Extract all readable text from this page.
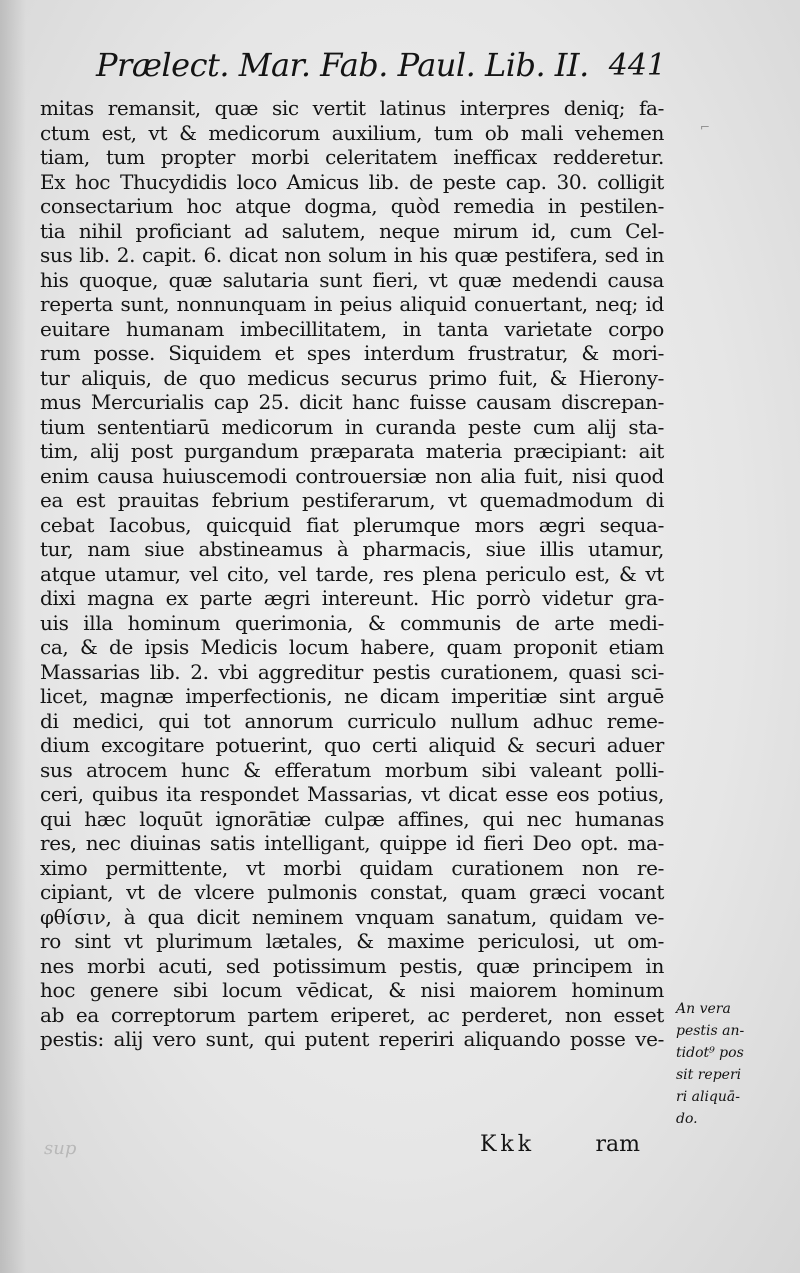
Prælect. Mar. Fab. Paul. Lib. II. 441
⌐
mitas remansit, quæ sic vertit latinus interpres deniq; fa-
ctum est, vt & medicorum auxilium, tum ob mali vehemen
tiam, tum propter morbi celeritatem inefficax redderetur.
Ex hoc Thucydidis loco Amicus lib. de peste cap. 30. colligit
consectarium hoc atque dogma, quòd remedia in pestilen-
tia nihil proficiant ad salutem, neque mirum id, cum Cel-
sus lib. 2. capit. 6. dicat non solum in his quæ pestifera, sed in
his quoque, quæ salutaria sunt fieri, vt quæ medendi causa
reperta sunt, nonnunquam in peius aliquid conuertant, neq; id
euitare humanam imbecillitatem, in tanta varietate corpo
rum posse. Siquidem et spes interdum frustratur, & mori-
tur aliquis, de quo medicus securus primo fuit, & Hierony-
mus Mercurialis cap 25. dicit hanc fuisse causam discrepan-
tium sententiarū medicorum in curanda peste cum alij sta-
tim, alij post purgandum præparata materia præcipiant: ait
enim causa huiuscemodi controuersiæ non alia fuit, nisi quod
ea est prauitas febrium pestiferarum, vt quemadmodum di
cebat Iacobus, quicquid fiat plerumque mors ægri sequa-
tur, nam siue abstineamus à pharmacis, siue illis utamur,
atque utamur, vel cito, vel tarde, res plena periculo est, & vt
dixi magna ex parte ægri intereunt. Hic porrò videtur gra-
uis illa hominum querimonia, & communis de arte medi-
ca, & de ipsis Medicis locum habere, quam proponit etiam
Massarias lib. 2. vbi aggreditur pestis curationem, quasi sci-
licet, magnæ imperfectionis, ne dicam imperitiæ sint arguē
di medici, qui tot annorum curriculo nullum adhuc reme-
dium excogitare potuerint, quo certi aliquid & securi aduer
sus atrocem hunc & efferatum morbum sibi valeant polli-
ceri, quibus ita respondet Massarias, vt dicat esse eos potius,
qui hæc loquūt ignorātiæ culpæ affines, qui nec humanas
res, nec diuinas satis intelligant, quippe id fieri Deo opt. ma-
ximo permittente, vt morbi quidam curationem non re-
cipiant, vt de vlcere pulmonis constat, quam græci vocant
φθίσιν, à qua dicit neminem vnquam sanatum, quidam ve-
ro sint vt plurimum lætales, & maxime periculosi, ut om-
nes morbi acuti, sed potissimum pestis, quæ principem in
hoc genere sibi locum vēdicat, & nisi maiorem hominum
ab ea correptorum partem eriperet, ac perderet, non esset
pestis: alij vero sunt, qui putent reperiri aliquando posse ve-
An vera
pestis an-
tidot⁹ pos
sit reperi
ri aliquā-
do.
sup	Kkk	ram
